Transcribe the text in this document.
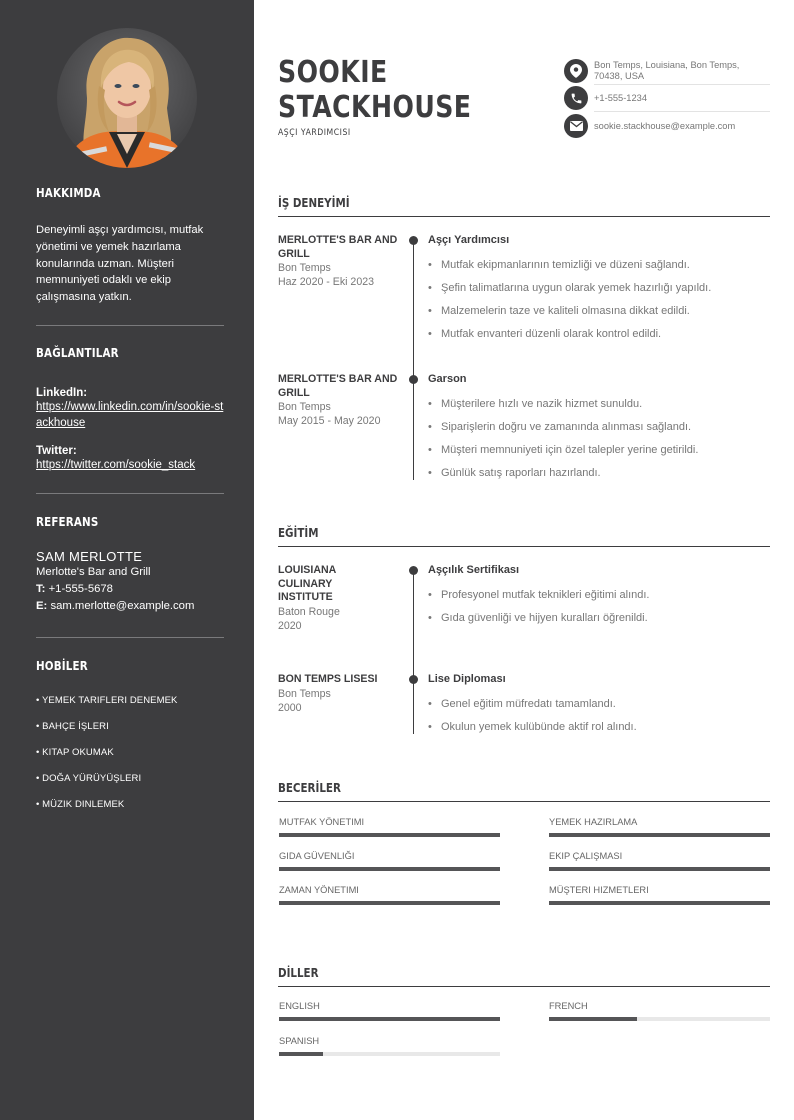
HAKKIMDA
Deneyimli aşçı yardımcısı, mutfak yönetimi ve yemek hazırlama konularında uzman. Müşteri memnuniyeti odaklı ve ekip çalışmasına yatkın.
BAĞLANTILAR
LinkedIn:
https://www.linkedin.com/in/sookie-stackhouse
Twitter:
https://twitter.com/sookie_stack
REFERANS
SAM MERLOTTE
Merlotte's Bar and Grill
T: +1-555-5678
E: sam.merlotte@example.com
HOBİLER
• YEMEK TARIFLERI DENEMEK
• BAHÇE İŞLERI
• KITAP OKUMAK
• DOĞA YÜRÜYÜŞLERI
• MÜZIK DINLEMEK
SOOKIE
STACKHOUSE
AŞÇI YARDIMCISI
Bon Temps, Louisiana, Bon Temps, 70438, USA
+1-555-1234
sookie.stackhouse@example.com
İŞ DENEYİMİ
MERLOTTE'S BAR AND GRILL
Bon Temps
Haz 2020 - Eki 2023
Aşçı Yardımcısı
• Mutfak ekipmanlarının temizliği ve düzeni sağlandı.
• Şefin talimatlarına uygun olarak yemek hazırlığı yapıldı.
• Malzemelerin taze ve kaliteli olmasına dikkat edildi.
• Mutfak envanteri düzenli olarak kontrol edildi.
MERLOTTE'S BAR AND GRILL
Bon Temps
May 2015 - May 2020
Garson
• Müşterilere hızlı ve nazik hizmet sunuldu.
• Siparişlerin doğru ve zamanında alınması sağlandı.
• Müşteri memnuniyeti için özel talepler yerine getirildi.
• Günlük satış raporları hazırlandı.
EĞİTİM
LOUISIANA CULINARY INSTITUTE
Baton Rouge
2020
Aşçılık Sertifikası
• Profesyonel mutfak teknikleri eğitimi alındı.
• Gıda güvenliği ve hijyen kuralları öğrenildi.
BON TEMPS LISESI
Bon Temps
2000
Lise Diploması
• Genel eğitim müfredatı tamamlandı.
• Okulun yemek kulübünde aktif rol alındı.
BECERİLER
MUTFAK YÖNETIMI	YEMEK HAZIRLAMA
GIDA GÜVENLIĞI	EKIP ÇALIŞMASI
ZAMAN YÖNETIMI	MÜŞTERI HIZMETLERI
DİLLER
ENGLISH	FRENCH
SPANISH
